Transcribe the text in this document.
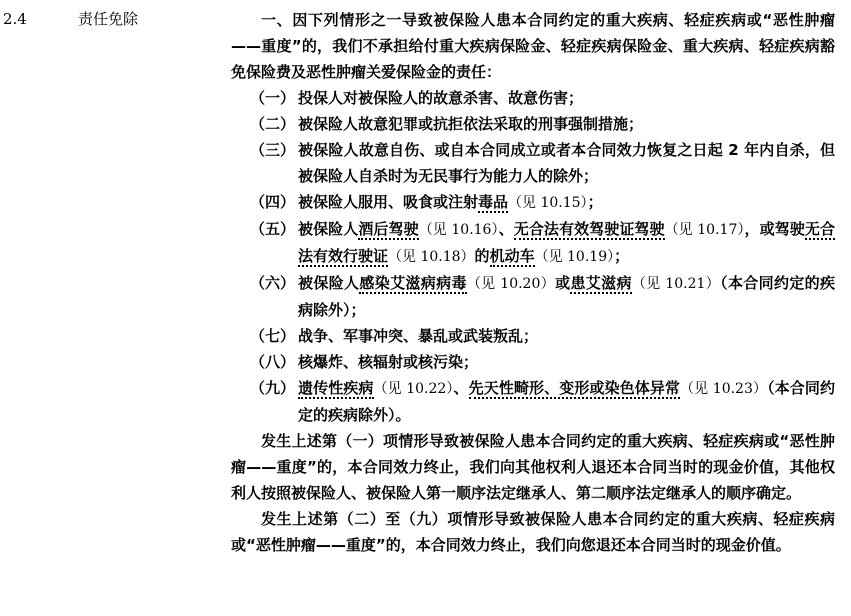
2.4	责任免除	一、因下列情形之一导致被保险人患本合同约定的重大疾病、轻症疾病或“恶性肿瘤——重度”的，我们不承担给付重大疾病保险金、轻症疾病保险金、重大疾病、轻症疾病豁免保险费及恶性肿瘤关爱保险金的责任：

（一） 投保人对被保险人的故意杀害、故意伤害；
（二） 被保险人故意犯罪或抗拒依法采取的刑事强制措施；
（三） 被保险人故意自伤、或自本合同成立或者本合同效力恢复之日起 2 年内自杀，但被保险人自杀时为无民事行为能力人的除外；
（四） 被保险人服用、吸食或注射毒品（见 10.15）；
（五） 被保险人酒后驾驶（见 10.16）、无合法有效驾驶证驾驶（见 10.17），或驾驶无合法有效行驶证（见 10.18）的机动车（见 10.19）；
（六） 被保险人感染艾滋病病毒（见 10.20）或患艾滋病（见 10.21）（本合同约定的疾病除外）；
（七） 战争、军事冲突、暴乱或武装叛乱；
（八） 核爆炸、核辐射或核污染；
（九） 遗传性疾病（见 10.22）、先天性畸形、变形或染色体异常（见 10.23）（本合同约定的疾病除外）。

发生上述第（一）项情形导致被保险人患本合同约定的重大疾病、轻症疾病或“恶性肿瘤——重度”的，本合同效力终止，我们向其他权利人退还本合同当时的现金价值，其他权利人按照被保险人、被保险人第一顺序法定继承人、第二顺序法定继承人的顺序确定。

发生上述第（二）至（九）项情形导致被保险人患本合同约定的重大疾病、轻症疾病或“恶性肿瘤——重度”的，本合同效力终止，我们向您退还本合同当时的现金价值。
